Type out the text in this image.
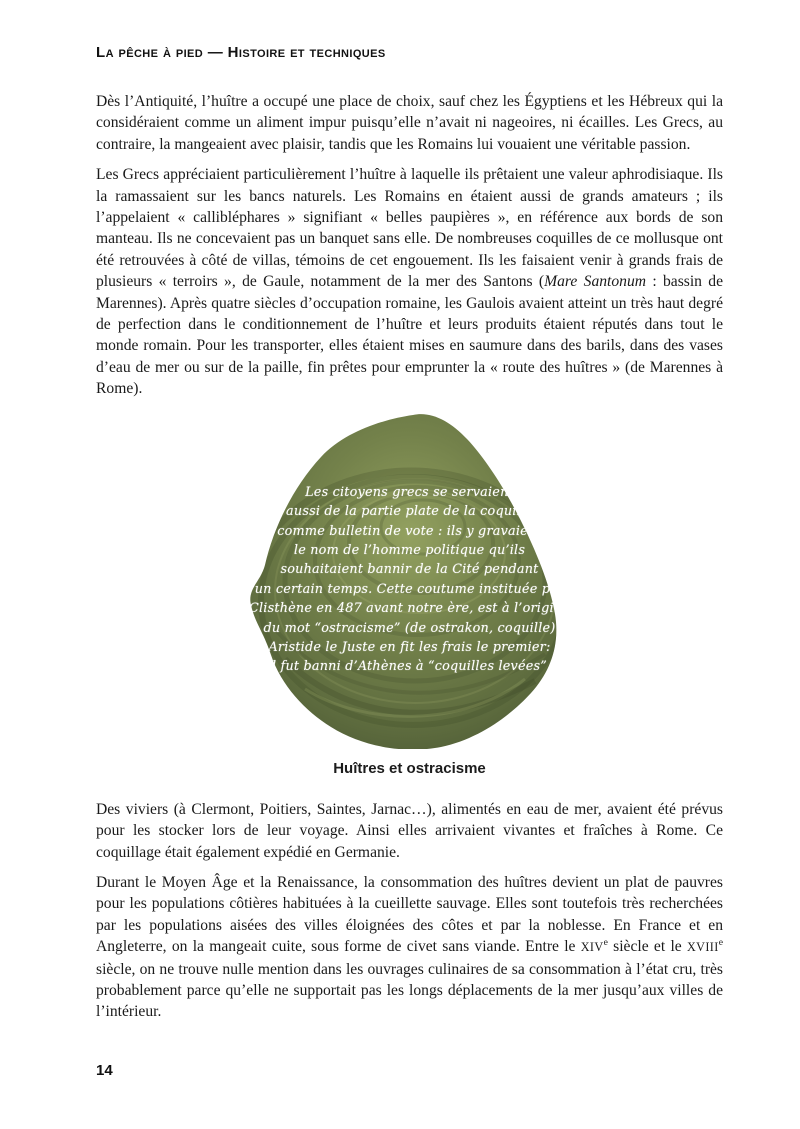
La pêche à pied — Histoire et techniques

Dès l’Antiquité, l’huître a occupé une place de choix, sauf chez les Égyptiens et les Hébreux qui la considéraient comme un aliment impur puisqu’elle n’avait ni nageoires, ni écailles. Les Grecs, au contraire, la mangeaient avec plaisir, tandis que les Romains lui vouaient une véritable passion.

Les Grecs appréciaient particulièrement l’huître à laquelle ils prêtaient une valeur aphrodisiaque. Ils la ramassaient sur les bancs naturels. Les Romains en étaient aussi de grands amateurs ; ils l’appelaient « callibléphares » signifiant « belles paupières », en référence aux bords de son manteau. Ils ne concevaient pas un banquet sans elle. De nombreuses coquilles de ce mollusque ont été retrouvées à côté de villas, témoins de cet engouement. Ils les faisaient venir à grands frais de plusieurs « terroirs », de Gaule, notamment de la mer des Santons (Mare Santonum : bassin de Marennes). Après quatre siècles d’occupation romaine, les Gaulois avaient atteint un très haut degré de perfection dans le conditionnement de l’huître et leurs produits étaient réputés dans tout le monde romain. Pour les transporter, elles étaient mises en saumure dans des barils, dans des vases d’eau de mer ou sur de la paille, fin prêtes pour emprunter la « route des huîtres » (de Marennes à Rome).

Les citoyens grecs se servaient
aussi de la partie plate de la coquille
comme bulletin de vote : ils y gravaient
le nom de l’homme politique qu’ils
souhaitaient bannir de la Cité pendant
un certain temps. Cette coutume instituée par
Clisthène en 487 avant notre ère, est à l’origine
du mot “ostracisme” (de ostrakon, coquille)
Aristide le Juste en fit les frais le premier:
il fut banni d’Athènes à “coquilles levées”.
Huîtres et ostracisme

Des viviers (à Clermont, Poitiers, Saintes, Jarnac…), alimentés en eau de mer, avaient été prévus pour les stocker lors de leur voyage. Ainsi elles arrivaient vivantes et fraîches à Rome. Ce coquillage était également expédié en Germanie.

Durant le Moyen Âge et la Renaissance, la consommation des huîtres devient un plat de pauvres pour les populations côtières habituées à la cueillette sauvage. Elles sont toutefois très recherchées par les populations aisées des villes éloignées des côtes et par la noblesse. En France et en Angleterre, on la mangeait cuite, sous forme de civet sans viande. Entre le XIVe siècle et le XVIIIe siècle, on ne trouve nulle mention dans les ouvrages culinaires de sa consommation à l’état cru, très probablement parce qu’elle ne supportait pas les longs déplacements de la mer jusqu’aux villes de l’intérieur.

14
